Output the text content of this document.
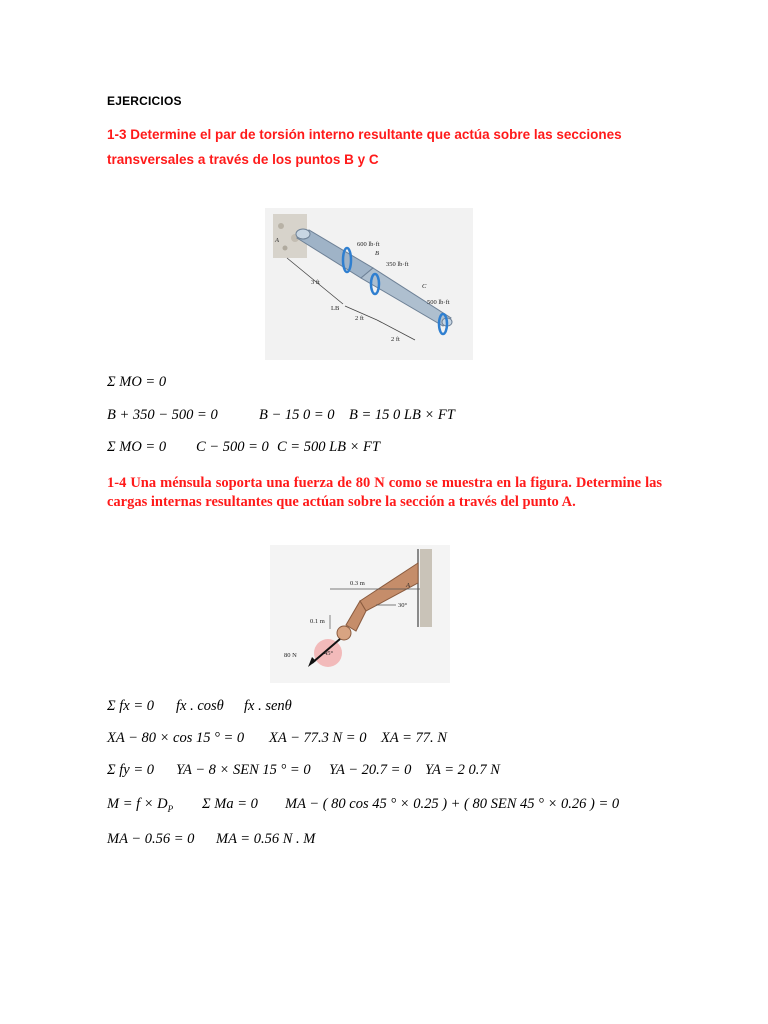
EJERCICIOS
1-3 Determine el par de torsión interno resultante que actúa sobre las secciones transversales a través de los puntos B y C
A
600 lb·ft
B
350 lb·ft
C
500 lb·ft
3 ft
LB
2 ft
2 ft
Σ MO = 0
B + 350 − 500 = 0	B − 15 0 = 0 B = 15 0 LB × FT
Σ MO = 0 C − 500 = 0 C = 500 LB × FT
1-4 Una ménsula soporta una fuerza de 80 N como se muestra en la figura. Determine las cargas internas resultantes que actúan sobre la sección a través del punto A.
0.3 m
0.1 m
30°
45°
80 N
A
Σ fx = 0 fx . cosθ fx . senθ
XA − 80 × cos 15 ° = 0 XA − 77.3 N = 0 XA = 77. N
Σ fy = 0 YA − 8 × SEN 15 ° = 0 YA − 20.7 = 0 YA = 2 0.7 N
$M = f \times D_P$ Σ Ma = 0 MA − ( 80 cos 45 ° × 0.25 ) + ( 80 SEN 45 ° × 0.26 ) = 0
MA − 0.56 = 0 MA = 0.56 N . M
